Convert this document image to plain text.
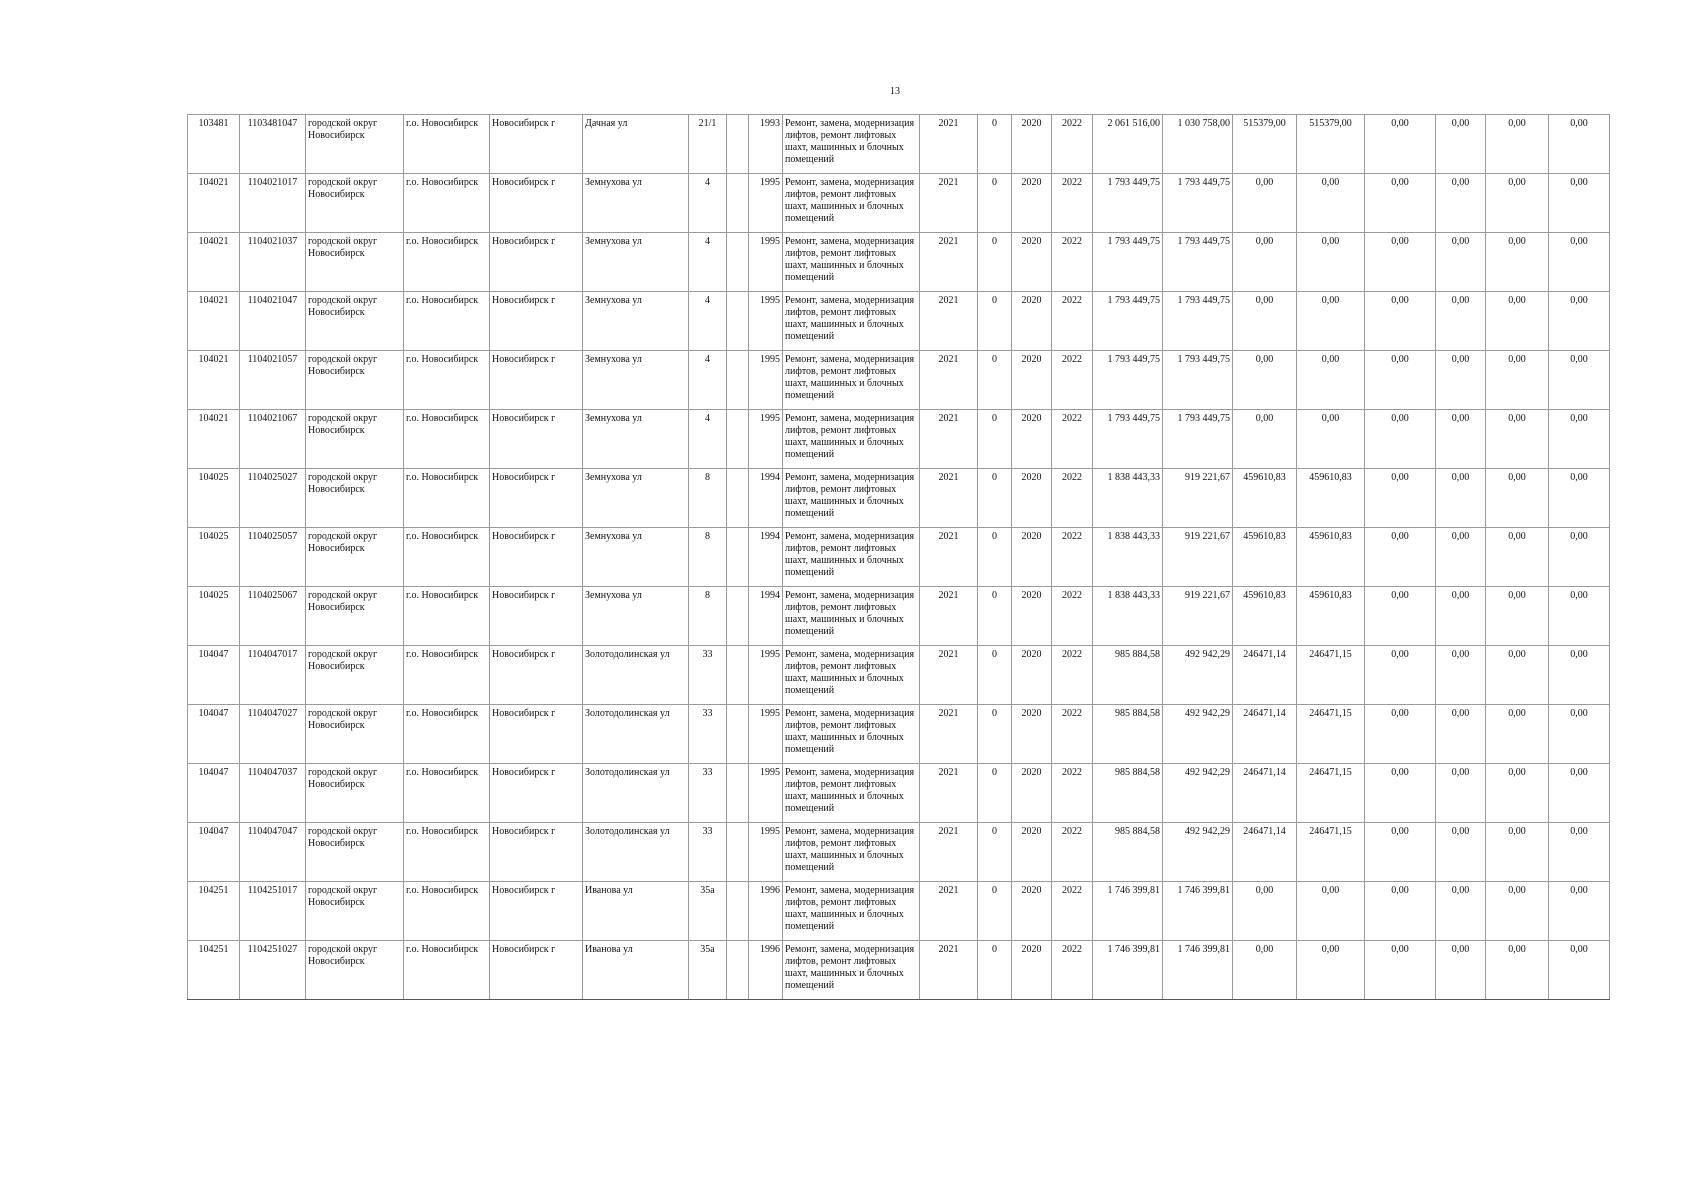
13
103481	1103481047	городской округ Новосибирск	г.о. Новосибирск	Новосибирск г	Дачная ул	21/1		1993	Ремонт, замена, модернизация лифтов, ремонт лифтовых шахт, машинных и блочных помещений	2021	0	2020	2022	2 061 516,00	1 030 758,00	515379,00	515379,00	0,00	0,00	0,00	0,00
104021	1104021017	городской округ Новосибирск	г.о. Новосибирск	Новосибирск г	Земнухова ул	4		1995	Ремонт, замена, модернизация лифтов, ремонт лифтовых шахт, машинных и блочных помещений	2021	0	2020	2022	1 793 449,75	1 793 449,75	0,00	0,00	0,00	0,00	0,00	0,00
104021	1104021037	городской округ Новосибирск	г.о. Новосибирск	Новосибирск г	Земнухова ул	4		1995	Ремонт, замена, модернизация лифтов, ремонт лифтовых шахт, машинных и блочных помещений	2021	0	2020	2022	1 793 449,75	1 793 449,75	0,00	0,00	0,00	0,00	0,00	0,00
104021	1104021047	городской округ Новосибирск	г.о. Новосибирск	Новосибирск г	Земнухова ул	4		1995	Ремонт, замена, модернизация лифтов, ремонт лифтовых шахт, машинных и блочных помещений	2021	0	2020	2022	1 793 449,75	1 793 449,75	0,00	0,00	0,00	0,00	0,00	0,00
104021	1104021057	городской округ Новосибирск	г.о. Новосибирск	Новосибирск г	Земнухова ул	4		1995	Ремонт, замена, модернизация лифтов, ремонт лифтовых шахт, машинных и блочных помещений	2021	0	2020	2022	1 793 449,75	1 793 449,75	0,00	0,00	0,00	0,00	0,00	0,00
104021	1104021067	городской округ Новосибирск	г.о. Новосибирск	Новосибирск г	Земнухова ул	4		1995	Ремонт, замена, модернизация лифтов, ремонт лифтовых шахт, машинных и блочных помещений	2021	0	2020	2022	1 793 449,75	1 793 449,75	0,00	0,00	0,00	0,00	0,00	0,00
104025	1104025027	городской округ Новосибирск	г.о. Новосибирск	Новосибирск г	Земнухова ул	8		1994	Ремонт, замена, модернизация лифтов, ремонт лифтовых шахт, машинных и блочных помещений	2021	0	2020	2022	1 838 443,33	919 221,67	459610,83	459610,83	0,00	0,00	0,00	0,00
104025	1104025057	городской округ Новосибирск	г.о. Новосибирск	Новосибирск г	Земнухова ул	8		1994	Ремонт, замена, модернизация лифтов, ремонт лифтовых шахт, машинных и блочных помещений	2021	0	2020	2022	1 838 443,33	919 221,67	459610,83	459610,83	0,00	0,00	0,00	0,00
104025	1104025067	городской округ Новосибирск	г.о. Новосибирск	Новосибирск г	Земнухова ул	8		1994	Ремонт, замена, модернизация лифтов, ремонт лифтовых шахт, машинных и блочных помещений	2021	0	2020	2022	1 838 443,33	919 221,67	459610,83	459610,83	0,00	0,00	0,00	0,00
104047	1104047017	городской округ Новосибирск	г.о. Новосибирск	Новосибирск г	Золотодолинская ул	33		1995	Ремонт, замена, модернизация лифтов, ремонт лифтовых шахт, машинных и блочных помещений	2021	0	2020	2022	985 884,58	492 942,29	246471,14	246471,15	0,00	0,00	0,00	0,00
104047	1104047027	городской округ Новосибирск	г.о. Новосибирск	Новосибирск г	Золотодолинская ул	33		1995	Ремонт, замена, модернизация лифтов, ремонт лифтовых шахт, машинных и блочных помещений	2021	0	2020	2022	985 884,58	492 942,29	246471,14	246471,15	0,00	0,00	0,00	0,00
104047	1104047037	городской округ Новосибирск	г.о. Новосибирск	Новосибирск г	Золотодолинская ул	33		1995	Ремонт, замена, модернизация лифтов, ремонт лифтовых шахт, машинных и блочных помещений	2021	0	2020	2022	985 884,58	492 942,29	246471,14	246471,15	0,00	0,00	0,00	0,00
104047	1104047047	городской округ Новосибирск	г.о. Новосибирск	Новосибирск г	Золотодолинская ул	33		1995	Ремонт, замена, модернизация лифтов, ремонт лифтовых шахт, машинных и блочных помещений	2021	0	2020	2022	985 884,58	492 942,29	246471,14	246471,15	0,00	0,00	0,00	0,00
104251	1104251017	городской округ Новосибирск	г.о. Новосибирск	Новосибирск г	Иванова ул	35а		1996	Ремонт, замена, модернизация лифтов, ремонт лифтовых шахт, машинных и блочных помещений	2021	0	2020	2022	1 746 399,81	1 746 399,81	0,00	0,00	0,00	0,00	0,00	0,00
104251	1104251027	городской округ Новосибирск	г.о. Новосибирск	Новосибирск г	Иванова ул	35а		1996	Ремонт, замена, модернизация лифтов, ремонт лифтовых шахт, машинных и блочных помещений	2021	0	2020	2022	1 746 399,81	1 746 399,81	0,00	0,00	0,00	0,00	0,00	0,00
